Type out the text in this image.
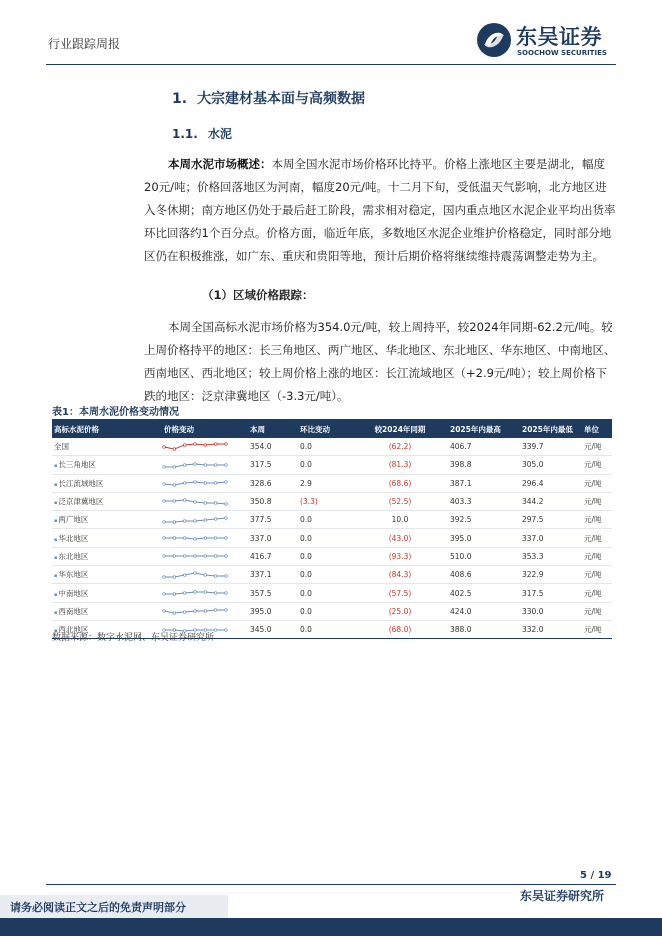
行业跟踪周报	东吴证券
SOOCHOW SECURITIES
1. 大宗建材基本面与高频数据
1.1. 水泥
本周水泥市场概述：本周全国水泥市场价格环比持平。价格上涨地区主要是湖北，幅度20元/吨；价格回落地区为河南，幅度20元/吨。十二月下旬，受低温天气影响，北方地区进入冬休期；南方地区仍处于最后赶工阶段，需求相对稳定，国内重点地区水泥企业平均出货率环比回落约1个百分点。价格方面，临近年底，多数地区水泥企业维护价格稳定，同时部分地区仍在积极推涨，如广东、重庆和贵阳等地，预计后期价格将继续维持震荡调整走势为主。
（1）区域价格跟踪：
本周全国高标水泥市场价格为354.0元/吨，较上周持平，较2024年同期-62.2元/吨。较上周价格持平的地区：长三角地区、两广地区、华北地区、东北地区、华东地区、中南地区、西南地区、西北地区；较上周价格上涨的地区：长江流域地区（+2.9元/吨）；较上周价格下跌的地区：泛京津冀地区（-3.3元/吨）。
表1：本周水泥价格变动情况
高标水泥价格	价格变动	本周	环比变动	较2024年同期	2025年内最高	2025年内最低	单位
全国		354.0	0.0	(62.2)	406.7	339.7	元/吨
▪长三角地区		317.5	0.0	(81.3)	398.8	305.0	元/吨
▪长江流域地区		328.6	2.9	(68.6)	387.1	296.4	元/吨
▪泛京津冀地区		350.8	(3.3)	(52.5)	403.3	344.2	元/吨
▪两广地区		377.5	0.0	10.0	392.5	297.5	元/吨
▪华北地区		337.0	0.0	(43.0)	395.0	337.0	元/吨
▪东北地区		416.7	0.0	(93.3)	510.0	353.3	元/吨
▪华东地区		337.1	0.0	(84.3)	408.6	322.9	元/吨
▪中南地区		357.5	0.0	(57.5)	402.5	317.5	元/吨
▪西南地区		395.0	0.0	(25.0)	424.0	330.0	元/吨
▪西北地区		345.0	0.0	(68.0)	388.0	332.0	元/吨
数据来源：数字水泥网、东吴证券研究所
5 / 19
东吴证券研究所
请务必阅读正文之后的免责声明部分
